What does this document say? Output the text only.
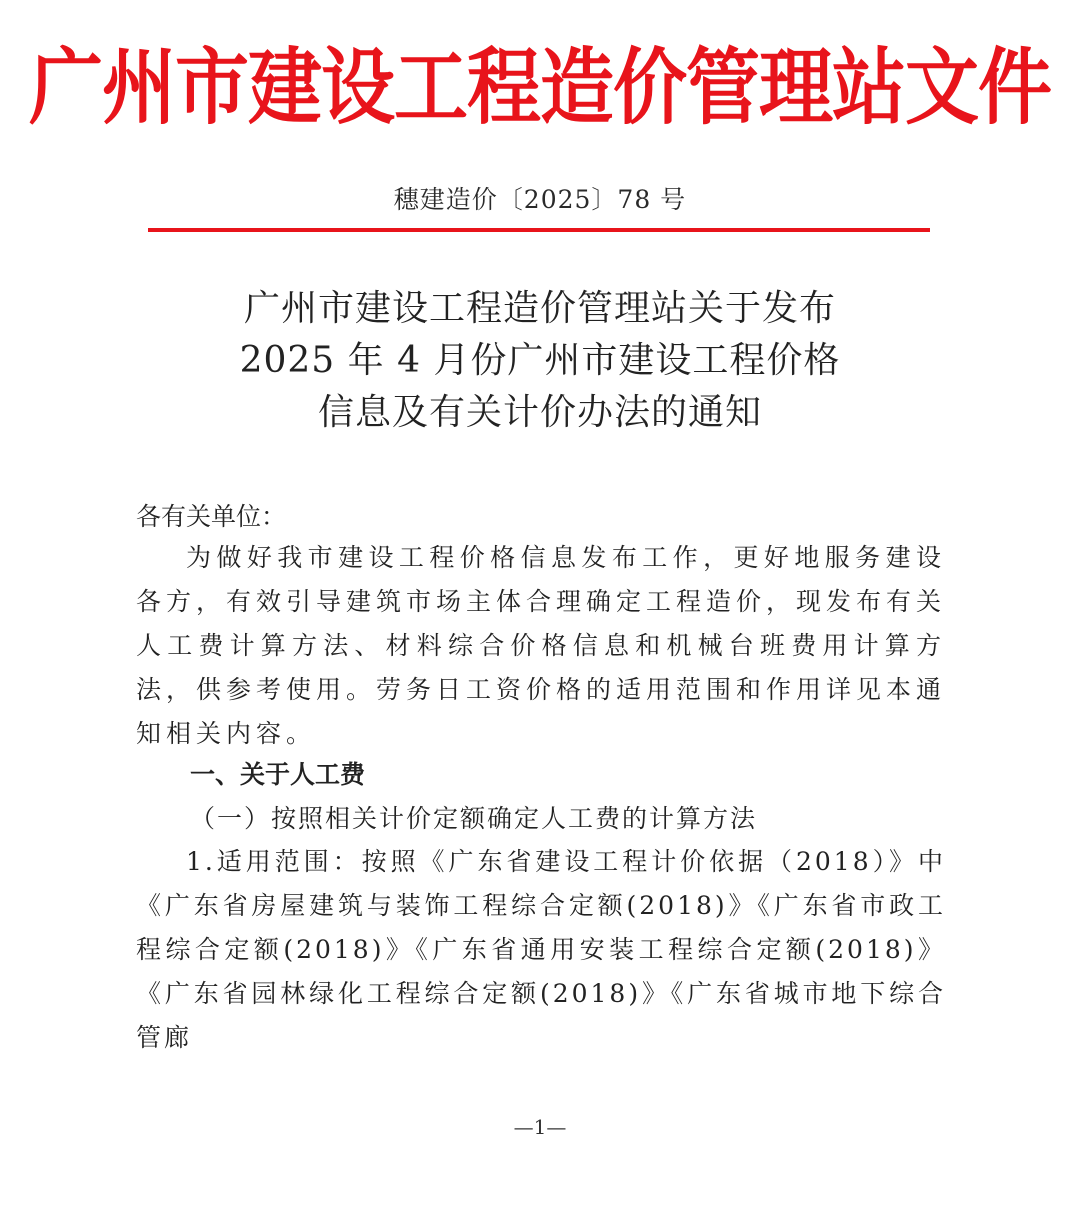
广州市建设工程造价管理站文件
穗建造价〔2025〕78 号
广州市建设工程造价管理站关于发布
2025 年 4 月份广州市建设工程价格
信息及有关计价办法的通知
各有关单位：
为做好我市建设工程价格信息发布工作，更好地服务建设各方，有效引导建筑市场主体合理确定工程造价，现发布有关人工费计算方法、材料综合价格信息和机械台班费用计算方法，供参考使用。劳务日工资价格的适用范围和作用详见本通知相关内容。
一、关于人工费
（一）按照相关计价定额确定人工费的计算方法
1.适用范围：按照《广东省建设工程计价依据（2018）》中《广东省房屋建筑与装饰工程综合定额(2018)》《广东省市政工程综合定额(2018)》《广东省通用安装工程综合定额(2018)》《广东省园林绿化工程综合定额(2018)》《广东省城市地下综合管廊
—1—
